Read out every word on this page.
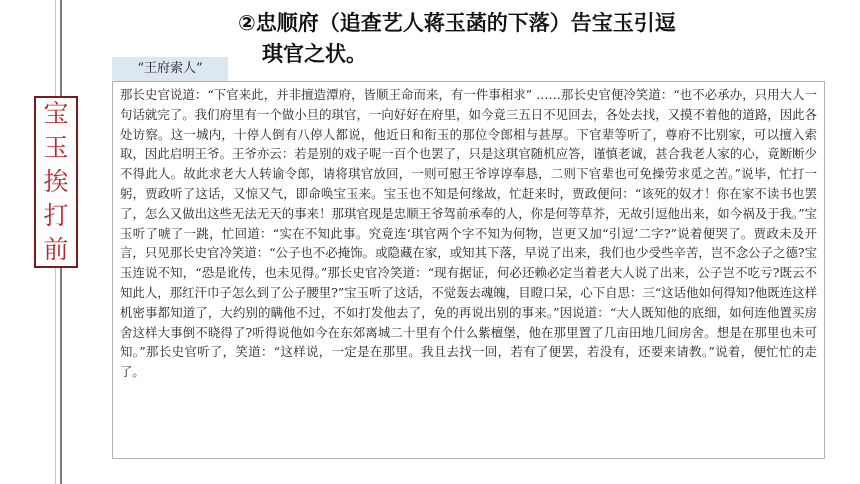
宝
玉
挨
打
前
②忠顺府（追查艺人蒋玉菡的下落）告宝玉引逗
琪官之状。
“王府索人”

那长史官说道：“下官来此，并非擅造潭府，皆顺王命而来，有一件事相求” ……那长史官便冷笑道：“也不必承办，只用大人一句话就完了。我们府里有一个做小旦的琪官，一向好好在府里，如今竟三五日不见回去，各处去找，又摸不着他的道路，因此各处访察。这一城内，十停人倒有八停人都说，他近日和衔玉的那位令郎相与甚厚。下官辈等听了，尊府不比别家，可以擅入索取，因此启明王爷。王爷亦云：若是别的戏子呢一百个也罢了，只是这琪官随机应答，谨慎老诚，甚合我老人家的心，竟断断少不得此人。故此求老大人转谕令郎，请将琪官放回，一则可慰王爷谆谆奉恳，二则下官辈也可免操劳求觅之苦。”说毕，忙打一躬，贾政听了这话，又惊又气，即命唤宝玉来。宝玉也不知是何缘故，忙赶来时，贾政便问：“该死的奴才！你在家不读书也罢了，怎么又做出这些无法无天的事来！那琪官现是忠顺王爷驾前承奉的人，你是何等草芥，无故引逗他出来，如今祸及于我。”宝玉听了唬了一跳，忙回道：“实在不知此事。究竟连‘琪官两个字不知为何物，岂更又加“引逗’二字?”说着便哭了。贾政未及开言，只见那长史官冷笑道：“公子也不必掩饰。或隐藏在家，或知其下落，早说了出来，我们也少受些辛苦，岂不念公子之德?宝玉连说不知，“恐是讹传，也未见得。”那长史官冷笑道：“现有据证，何必还赖必定当着老大人说了出来，公子岂不吃亏?既云不知此人，那红汗巾子怎么到了公子腰里?”宝玉听了这话，不觉轰去魂魄，目瞪口呆，心下自思：三“这话他如何得知?他既连这样机密事都知道了，大约别的瞒他不过，不如打发他去了，免的再说出别的事来。”因说道：“大人既知他的底细，如何连他置买房舍这样大事倒不晓得了?听得说他如今在东郊离城二十里有个什么紫檀堡，他在那里置了几亩田地几间房舍。想是在那里也未可知。”那长史官听了，笑道：“这样说，一定是在那里。我且去找一回，若有了便罢，若没有，还要来请教。”说着，便忙忙的走了。
